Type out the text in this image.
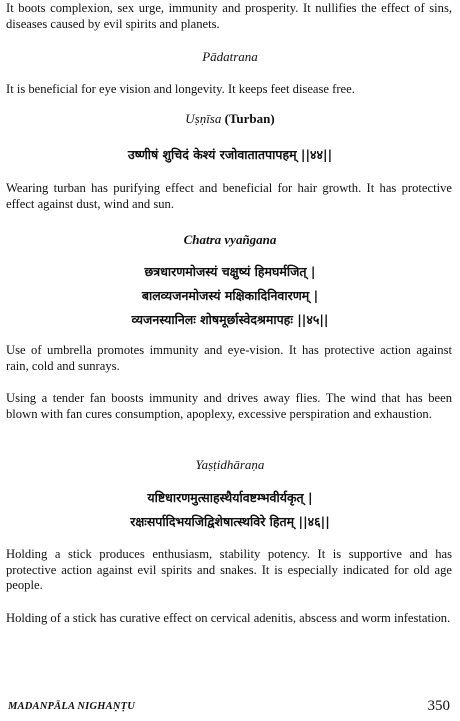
It boots complexion, sex urge, immunity and prosperity. It nullifies the effect of sins, diseases caused by evil spirits and planets.

Pādatrana

It is beneficial for eye vision and longevity. It keeps feet disease free.

Uṣṇīsa (Turban)

उष्णीषं शुचिदं केश्यं रजोवातातपापहम् ||४४||

Wearing turban has purifying effect and beneficial for hair growth. It has protective effect against dust, wind and sun.

Chatra vyañgana

छत्रधारणमोजस्यं चक्षुष्यं हिमघर्मजित् |

बालव्यजनमोजस्यं मक्षिकादिनिवारणम् |

व्यजनस्यानिलः शोषमूर्छास्वेदश्रमापहः ||४५||

Use of umbrella promotes immunity and eye-vision. It has protective action against rain, cold and sunrays.

Using a tender fan boosts immunity and drives away flies. The wind that has been blown with fan cures consumption, apoplexy, excessive perspiration and exhaustion.

Yaṣṭidhāraṇa

यष्टिधारणमुत्साहस्थैर्यावष्टम्भवीर्यकृत् |

रक्षःसर्पादिभयजिद्विशेषात्स्थविरे हितम् ||४६||

Holding a stick produces enthusiasm, stability potency. It is supportive and has protective action against evil spirits and snakes. It is especially indicated for old age people.

Holding of a stick has curative effect on cervical adenitis, abscess and worm infestation.

MADANPĀLA NIGHAṆṬU	350
